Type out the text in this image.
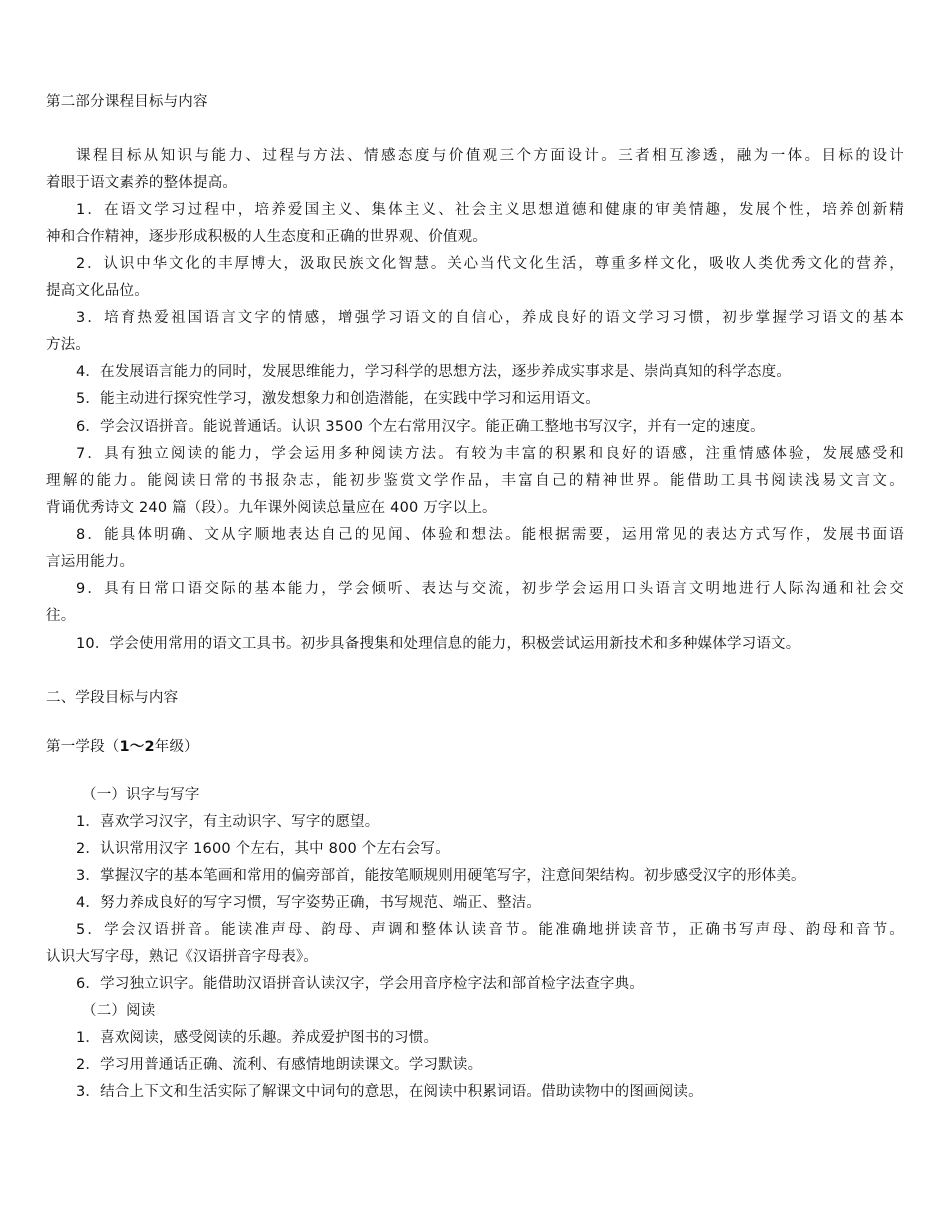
第二部分课程目标与内容
课程目标从知识与能力、过程与方法、情感态度与价值观三个方面设计。三者相互渗透，融为一体。目标的设计
着眼于语文素养的整体提高。
1．在语文学习过程中，培养爱国主义、集体主义、社会主义思想道德和健康的审美情趣，发展个性，培养创新精
神和合作精神，逐步形成积极的人生态度和正确的世界观、价值观。
2．认识中华文化的丰厚博大，汲取民族文化智慧。关心当代文化生活，尊重多样文化，吸收人类优秀文化的营养，
提高文化品位。
3．培育热爱祖国语言文字的情感，增强学习语文的自信心，养成良好的语文学习习惯，初步掌握学习语文的基本
方法。
4．在发展语言能力的同时，发展思维能力，学习科学的思想方法，逐步养成实事求是、崇尚真知的科学态度。
5．能主动进行探究性学习，激发想象力和创造潜能，在实践中学习和运用语文。
6．学会汉语拼音。能说普通话。认识 3500 个左右常用汉字。能正确工整地书写汉字，并有一定的速度。
7．具有独立阅读的能力，学会运用多种阅读方法。有较为丰富的积累和良好的语感，注重情感体验，发展感受和
理解的能力。能阅读日常的书报杂志，能初步鉴赏文学作品，丰富自己的精神世界。能借助工具书阅读浅易文言文。
背诵优秀诗文 240 篇（段）。九年课外阅读总量应在 400 万字以上。
8．能具体明确、文从字顺地表达自己的见闻、体验和想法。能根据需要，运用常见的表达方式写作，发展书面语
言运用能力。
9．具有日常口语交际的基本能力，学会倾听、表达与交流，初步学会运用口头语言文明地进行人际沟通和社会交
往。
10．学会使用常用的语文工具书。初步具备搜集和处理信息的能力，积极尝试运用新技术和多种媒体学习语文。
二、学段目标与内容
第一学段（1～2年级）
（一）识字与写字
1．喜欢学习汉字，有主动识字、写字的愿望。
2．认识常用汉字 1600 个左右，其中 800 个左右会写。
3．掌握汉字的基本笔画和常用的偏旁部首，能按笔顺规则用硬笔写字，注意间架结构。初步感受汉字的形体美。
4．努力养成良好的写字习惯，写字姿势正确，书写规范、端正、整洁。
5．学会汉语拼音。能读准声母、韵母、声调和整体认读音节。能准确地拼读音节，正确书写声母、韵母和音节。
认识大写字母，熟记《汉语拼音字母表》。
6．学习独立识字。能借助汉语拼音认读汉字，学会用音序检字法和部首检字法查字典。
（二）阅读
1．喜欢阅读，感受阅读的乐趣。养成爱护图书的习惯。
2．学习用普通话正确、流利、有感情地朗读课文。学习默读。
3．结合上下文和生活实际了解课文中词句的意思，在阅读中积累词语。借助读物中的图画阅读。
